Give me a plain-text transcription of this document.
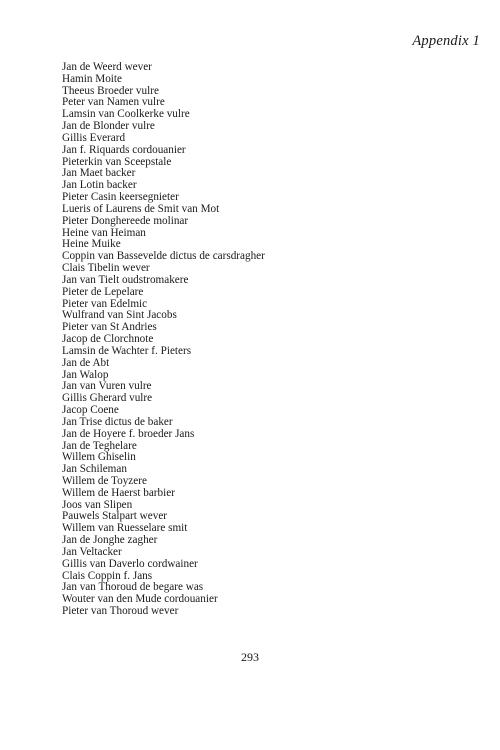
Appendix 1
Jan de Weerd wever
Hamin Moite
Theeus Broeder vulre
Peter van Namen vulre
Lamsin van Coolkerke vulre
Jan de Blonder vulre
Gillis Everard
Jan f. Riquards cordouanier
Pieterkin van Sceepstale
Jan Maet backer
Jan Lotin backer
Pieter Casin keersegnieter
Lueris of Laurens de Smit van Mot
Pieter Donghereede molinar
Heine van Heiman
Heine Muike
Coppin van Bassevelde dictus de carsdragher
Clais Tibelin wever
Jan van Tielt oudstromakere
Pieter de Lepelare
Pieter van Edelmic
Wulfrand van Sint Jacobs
Pieter van St Andries
Jacop de Clorchnote
Lamsin de Wachter f. Pieters
Jan de Abt
Jan Walop
Jan van Vuren vulre
Gillis Gherard vulre
Jacop Coene
Jan Trise dictus de baker
Jan de Hoyere f. broeder Jans
Jan de Teghelare
Willem Ghiselin
Jan Schileman
Willem de Toyzere
Willem de Haerst barbier
Joos van Slipen
Pauwels Stalpart wever
Willem van Ruesselare smit
Jan de Jonghe zagher
Jan Veltacker
Gillis van Daverlo cordwainer
Clais Coppin f. Jans
Jan van Thoroud de begare was
Wouter van den Mude cordouanier
Pieter van Thoroud wever
293
